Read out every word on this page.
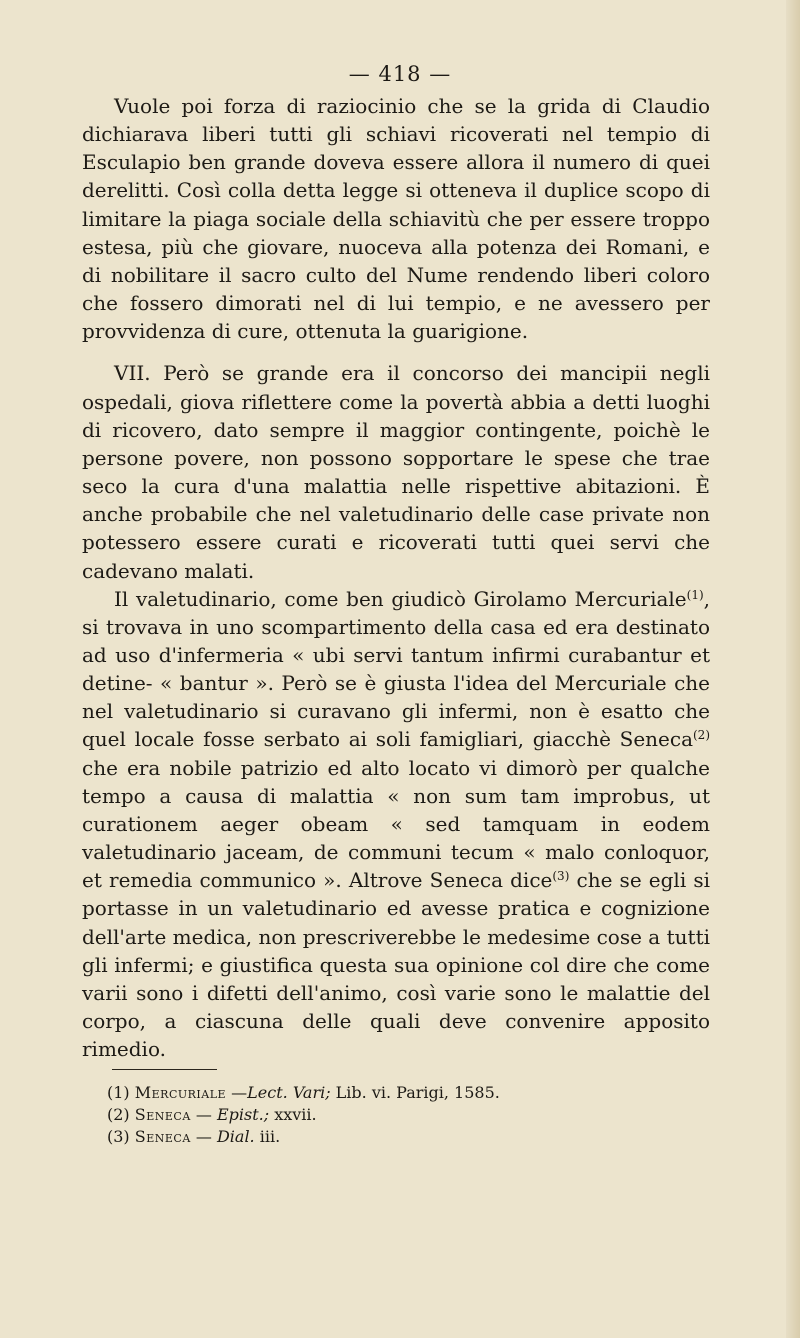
— 418 —

Vuole poi forza di raziocinio che se la grida di Claudio dichiarava liberi tutti gli schiavi ricoverati nel tempio di Esculapio ben grande doveva essere allora il numero di quei derelitti. Così colla detta legge si otteneva il duplice scopo di limitare la piaga sociale della schiavitù che per essere troppo estesa, più che giovare, nuoceva alla potenza dei Romani, e di nobilitare il sacro culto del Nume rendendo liberi coloro che fossero dimorati nel di lui tempio, e ne avessero per provvidenza di cure, ottenuta la guarigione.

VII. Però se grande era il concorso dei mancipii negli ospedali, giova riflettere come la povertà abbia a detti luoghi di ricovero, dato sempre il maggior contingente, poichè le persone povere, non possono sopportare le spese che trae seco la cura d'una malattia nelle rispettive abitazioni. È anche probabile che nel valetudinario delle case private non potessero essere curati e ricoverati tutti quei servi che cadevano malati.

Il valetudinario, come ben giudicò Girolamo Mercuriale$^{(1)}$, si trovava in uno scompartimento della casa ed era destinato ad uso d'infermeria « ubi servi tantum infirmi curabantur et detine- « bantur ». Però se è giusta l'idea del Mercuriale che nel valetudinario si curavano gli infermi, non è esatto che quel locale fosse serbato ai soli famigliari, giacchè Seneca$^{(2)}$ che era nobile patrizio ed alto locato vi dimorò per qualche tempo a causa di malattia « non sum tam improbus, ut curationem aeger obeam « sed tamquam in eodem valetudinario jaceam, de communi tecum « malo conloquor, et remedia communico ». Altrove Seneca dice$^{(3)}$ che se egli si portasse in un valetudinario ed avesse pratica e cognizione dell'arte medica, non prescriverebbe le medesime cose a tutti gli infermi; e giustifica questa sua opinione col dire che come varii sono i difetti dell'animo, così varie sono le malattie del corpo, a ciascuna delle quali deve convenire apposito rimedio.

(1) Mercuriale —Lect. Vari; Lib. vi. Parigi, 1585.
(2) Seneca — Epist.; xxvii.
(3) Seneca — Dial. iii.
